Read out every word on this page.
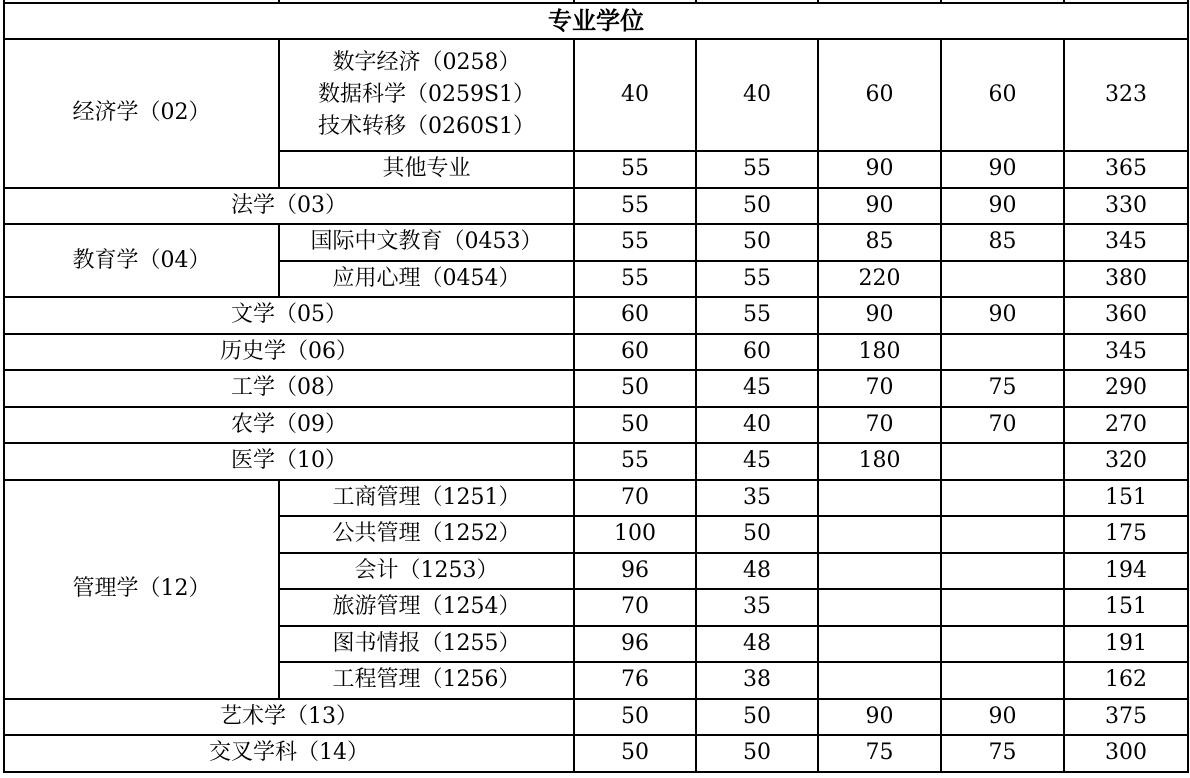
专业学位						
经济学（02）	数字经济（0258）
数据科学（0259S1）
技术转移（0260S1）	40	40	60	60	323
	其他专业	55	55	90	90	365
法学（03）		55	50	90	90	330
教育学（04）	国际中文教育（0453）	55	50	85	85	345
	应用心理（0454）	55	55	220		380
文学（05）		60	55	90	90	360
历史学（06）		60	60	180		345
工学（08）		50	45	70	75	290
农学（09）		50	40	70	70	270
医学（10）		55	45	180		320
管理学（12）	工商管理（1251）	70	35			151
	公共管理（1252）	100	50			175
	会计（1253）	96	48			194
	旅游管理（1254）	70	35			151
	图书情报（1255）	96	48			191
	工程管理（1256）	76	38			162
艺术学（13）		50	50	90	90	375
交叉学科（14）		50	50	75	75	300
